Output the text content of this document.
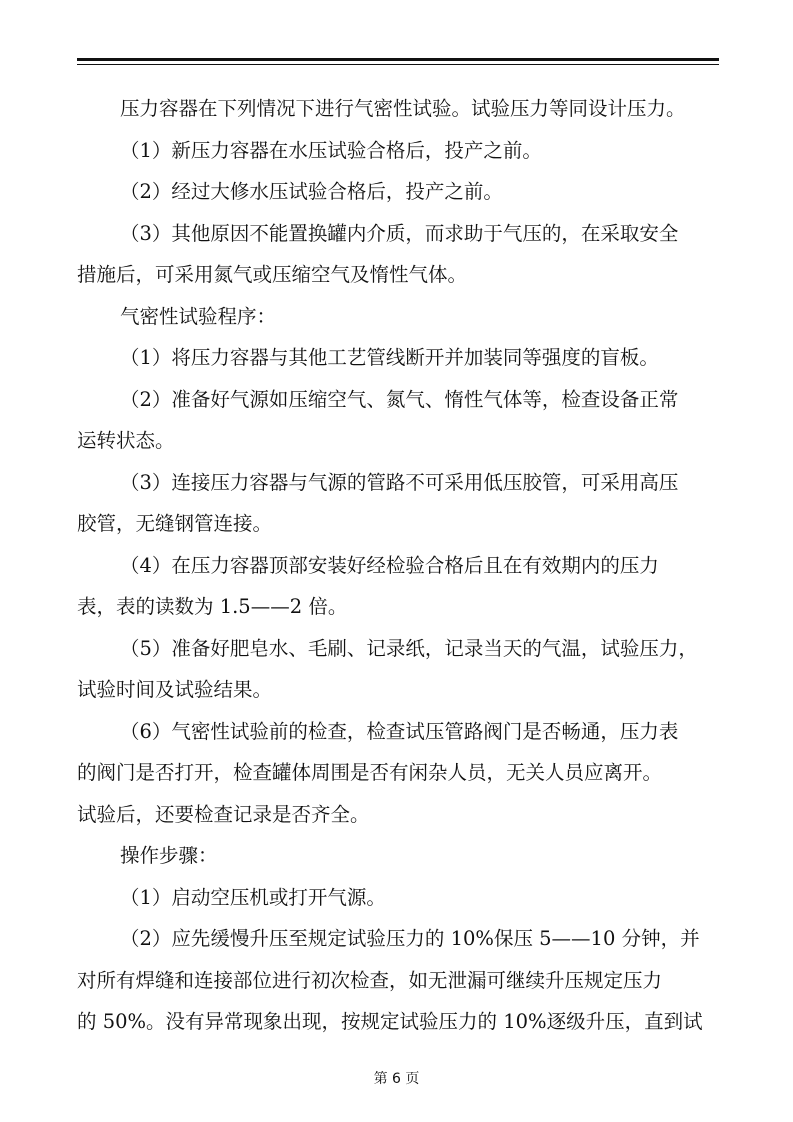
压力容器在下列情况下进行气密性试验。试验压力等同设计压力。
（1）新压力容器在水压试验合格后，投产之前。
（2）经过大修水压试验合格后，投产之前。
（3）其他原因不能置换罐内介质，而求助于气压的，在采取安全
措施后，可采用氮气或压缩空气及惰性气体。
气密性试验程序：
（1）将压力容器与其他工艺管线断开并加装同等强度的盲板。
（2）准备好气源如压缩空气、氮气、惰性气体等，检查设备正常
运转状态。
（3）连接压力容器与气源的管路不可采用低压胶管，可采用高压
胶管，无缝钢管连接。
（4）在压力容器顶部安装好经检验合格后且在有效期内的压力
表，表的读数为 1.5——2 倍。
（5）准备好肥皂水、毛刷、记录纸，记录当天的气温，试验压力，
试验时间及试验结果。
（6）气密性试验前的检查，检查试压管路阀门是否畅通，压力表
的阀门是否打开，检查罐体周围是否有闲杂人员，无关人员应离开。
试验后，还要检查记录是否齐全。
操作步骤：
（1）启动空压机或打开气源。
（2）应先缓慢升压至规定试验压力的 10%保压 5——10 分钟，并
对所有焊缝和连接部位进行初次检查，如无泄漏可继续升压规定压力
的 50%。没有异常现象出现，按规定试验压力的 10%逐级升压，直到试
第 6 页
